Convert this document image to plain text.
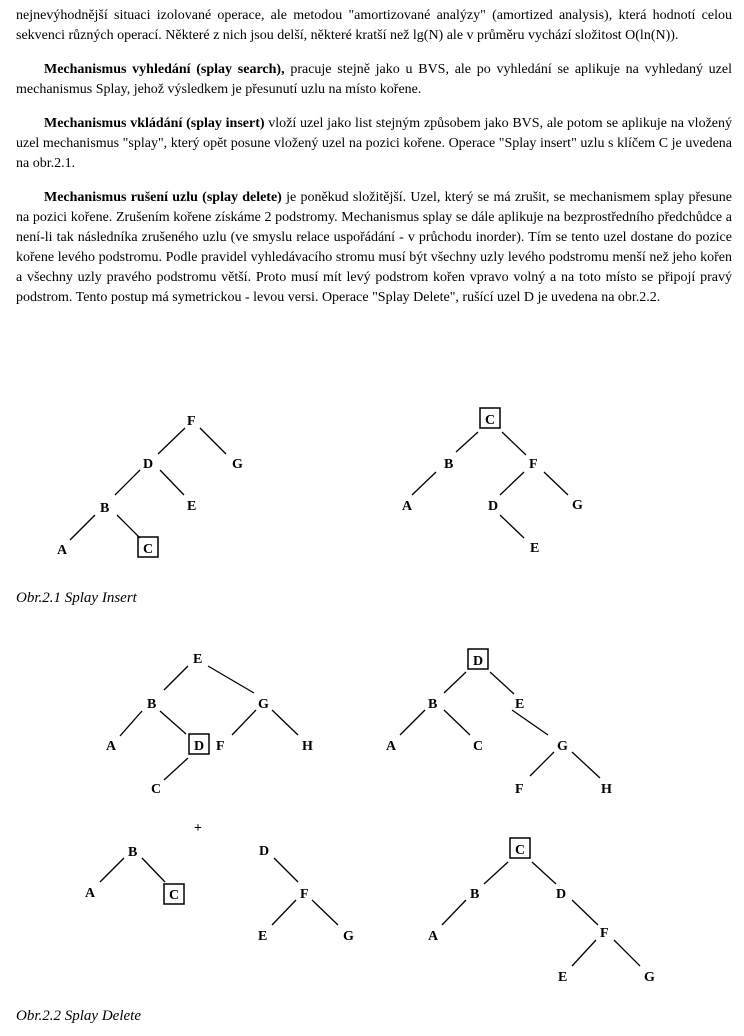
nejnevýhodnější situaci izolované operace, ale metodou "amortizované analýzy" (amortized analysis), která hodnotí celou sekvenci různých operací. Některé z nich jsou delší, některé kratší než lg(N) ale v průměru vychází složitost O(ln(N)).

Mechanismus vyhledání (splay search), pracuje stejně jako u BVS, ale po vyhledání se aplikuje na vyhledaný uzel mechanismus Splay, jehož výsledkem je přesunutí uzlu na místo kořene.

Mechanismus vkládání (splay insert) vloží uzel jako list stejným způsobem jako BVS, ale potom se aplikuje na vložený uzel mechanismus "splay", který opět posune vložený uzel na pozici kořene. Operace "Splay insert" uzlu s klíčem C je uvedena na obr.2.1.

Mechanismus rušení uzlu (splay delete) je poněkud složitější. Uzel, který se má zrušit, se mechanismem splay přesune na pozici kořene. Zrušením kořene získáme 2 podstromy. Mechanismus splay se dále aplikuje na bezprostředního předchůdce a není-li tak následníka zrušeného uzlu (ve smyslu relace uspořádání - v průchodu inorder). Tím se tento uzel dostane do pozice kořene levého podstromu. Podle pravidel vyhledávacího stromu musí být všechny uzly levého podstromu menší než jeho kořen a všechny uzly pravého podstromu větší. Proto musí mít levý podstrom kořen vpravo volný a na toto místo se připojí pravý podstrom. Tento postup má symetrickou - levou versi. Operace "Splay Delete", rušící uzel D je uvedena na obr.2.2.

F
G
D
B	E
A	C
C
B	F
A	D	G
E
E
B	G
A	D F	H
C
D
B	E
A	C	G
F	H
+
B
A	C
D
F
E	G
C
B	D
A	F
E	G
Obr.2.1 Splay Insert
Obr.2.2 Splay Delete
